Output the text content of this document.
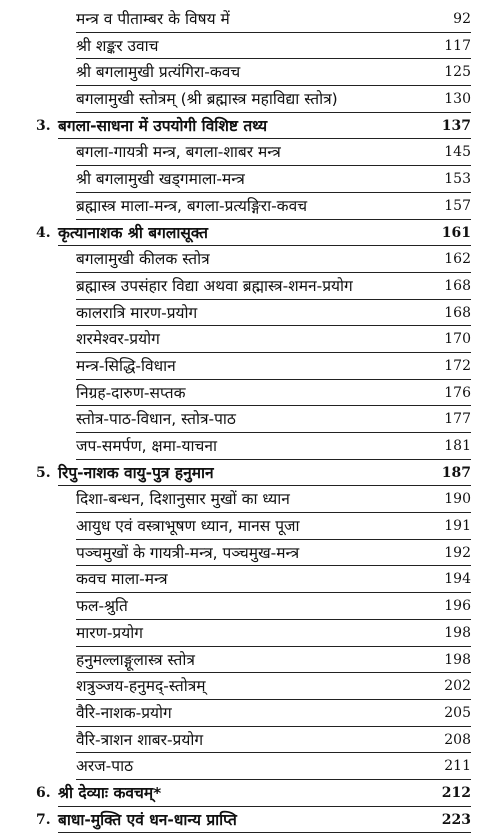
मन्त्र व पीताम्बर के विषय में	92
श्री शङ्कर उवाच	117
श्री बगलामुखी प्रत्यंगिरा-कवच	125
बगलामुखी स्तोत्रम् (श्री ब्रह्मास्त्र महाविद्या स्तोत्र)	130
3. बगला-साधना में उपयोगी विशिष्ट तथ्य	137
बगला-गायत्री मन्त्र, बगला-शाबर मन्त्र	145
श्री बगलामुखी खड्गमाला-मन्त्र	153
ब्रह्मास्त्र माला-मन्त्र, बगला-प्रत्यङ्गिरा-कवच	157
4. कृत्यानाशक श्री बगलासूक्त	161
बगलामुखी कीलक स्तोत्र	162
ब्रह्मास्त्र उपसंहार विद्या अथवा ब्रह्मास्त्र-शमन-प्रयोग	168
कालरात्रि मारण-प्रयोग	168
शरमेश्वर-प्रयोग	170
मन्त्र-सिद्धि-विधान	172
निग्रह-दारुण-सप्तक	176
स्तोत्र-पाठ-विधान, स्तोत्र-पाठ	177
जप-समर्पण, क्षमा-याचना	181
5. रिपु-नाशक वायु-पुत्र हनुमान	187
दिशा-बन्धन, दिशानुसार मुखों का ध्यान	190
आयुध एवं वस्त्राभूषण ध्यान, मानस पूजा	191
पञ्चमुखों के गायत्री-मन्त्र, पञ्चमुख-मन्त्र	192
कवच माला-मन्त्र	194
फल-श्रुति	196
मारण-प्रयोग	198
हनुमल्लाङ्गूलास्त्र स्तोत्र	198
शत्रुञ्जय-हनुमद्-स्तोत्रम्	202
वैरि-नाशक-प्रयोग	205
वैरि-त्राशन शाबर-प्रयोग	208
अरज-पाठ	211
6. श्री देव्याः कवचम्*	212
7. बाधा-मुक्ति एवं धन-धान्य प्राप्ति	223
